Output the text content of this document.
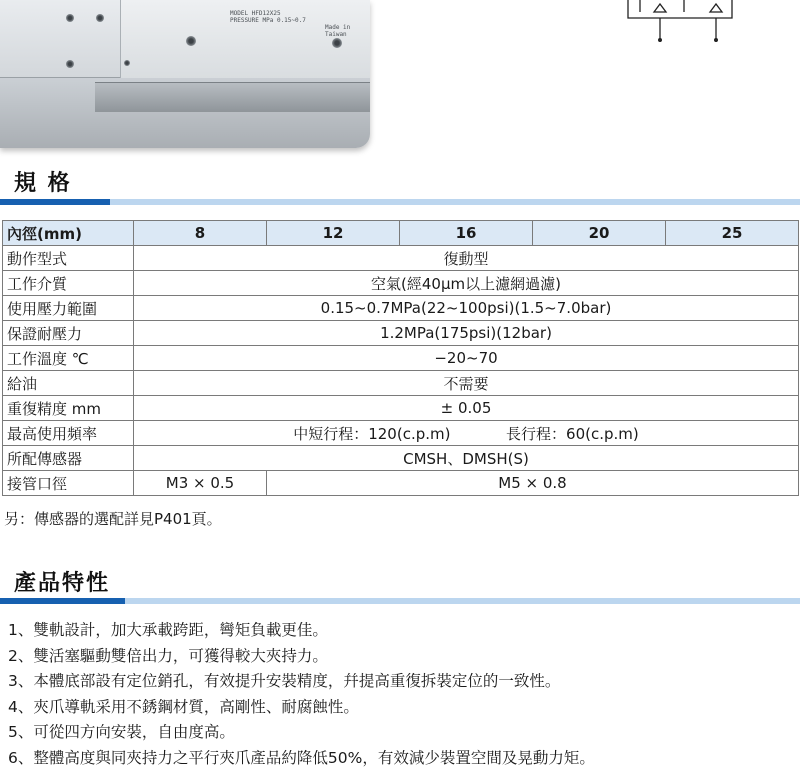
MODEL HFD12X25
PRESSURE MPa 0.15~0.7
Made in Taiwan
規 格
內徑(mm)	8	12	16	20	25
動作型式	復動型				
工作介質	空氣(經40μm以上濾網過濾)				
使用壓力範圍	0.15~0.7MPa(22~100psi)(1.5~7.0bar)				
保證耐壓力	1.2MPa(175psi)(12bar)				
工作溫度 ℃	−20~70				
給油	不需要				
重復精度 mm	± 0.05				
最高使用頻率	中短行程：120(c.p.m) 長行程：60(c.p.m)				
所配傳感器	CMSH、DMSH(S)				
接管口徑	M3 × 0.5	M5 × 0.8			
另：傳感器的選配詳見P401頁。
產品特性
1、雙軌設計，加大承載跨距，彎矩負載更佳。
2、雙活塞驅動雙倍出力，可獲得較大夾持力。
3、本體底部設有定位銷孔，有效提升安裝精度，幷提高重復拆裝定位的一致性。
4、夾爪導軌采用不銹鋼材質，高剛性、耐腐蝕性。
5、可從四方向安裝，自由度高。
6、整體高度與同夾持力之平行夾爪產品約降低50%，有效減少裝置空間及晃動力矩。
